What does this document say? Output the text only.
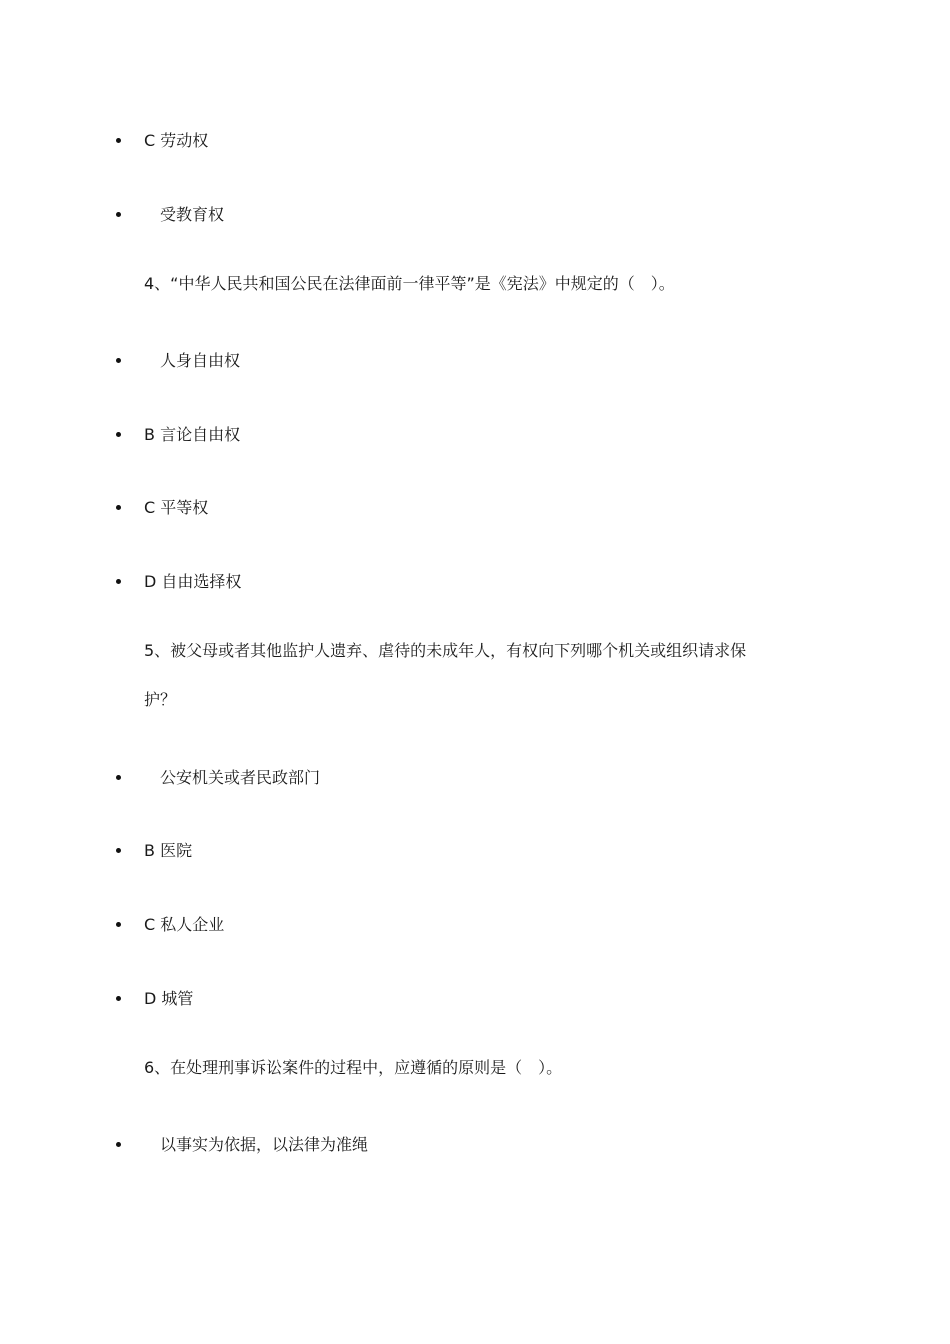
C 劳动权
受教育权
4、“中华人民共和国公民在法律面前一律平等”是《宪法》中规定的（　）。
人身自由权
B 言论自由权
C 平等权
D 自由选择权
5、被父母或者其他监护人遗弃、虐待的未成年人，有权向下列哪个机关或组织请求保
护？
公安机关或者民政部门
B 医院
C 私人企业
D 城管
6、在处理刑事诉讼案件的过程中，应遵循的原则是（　）。
以事实为依据，以法律为准绳
